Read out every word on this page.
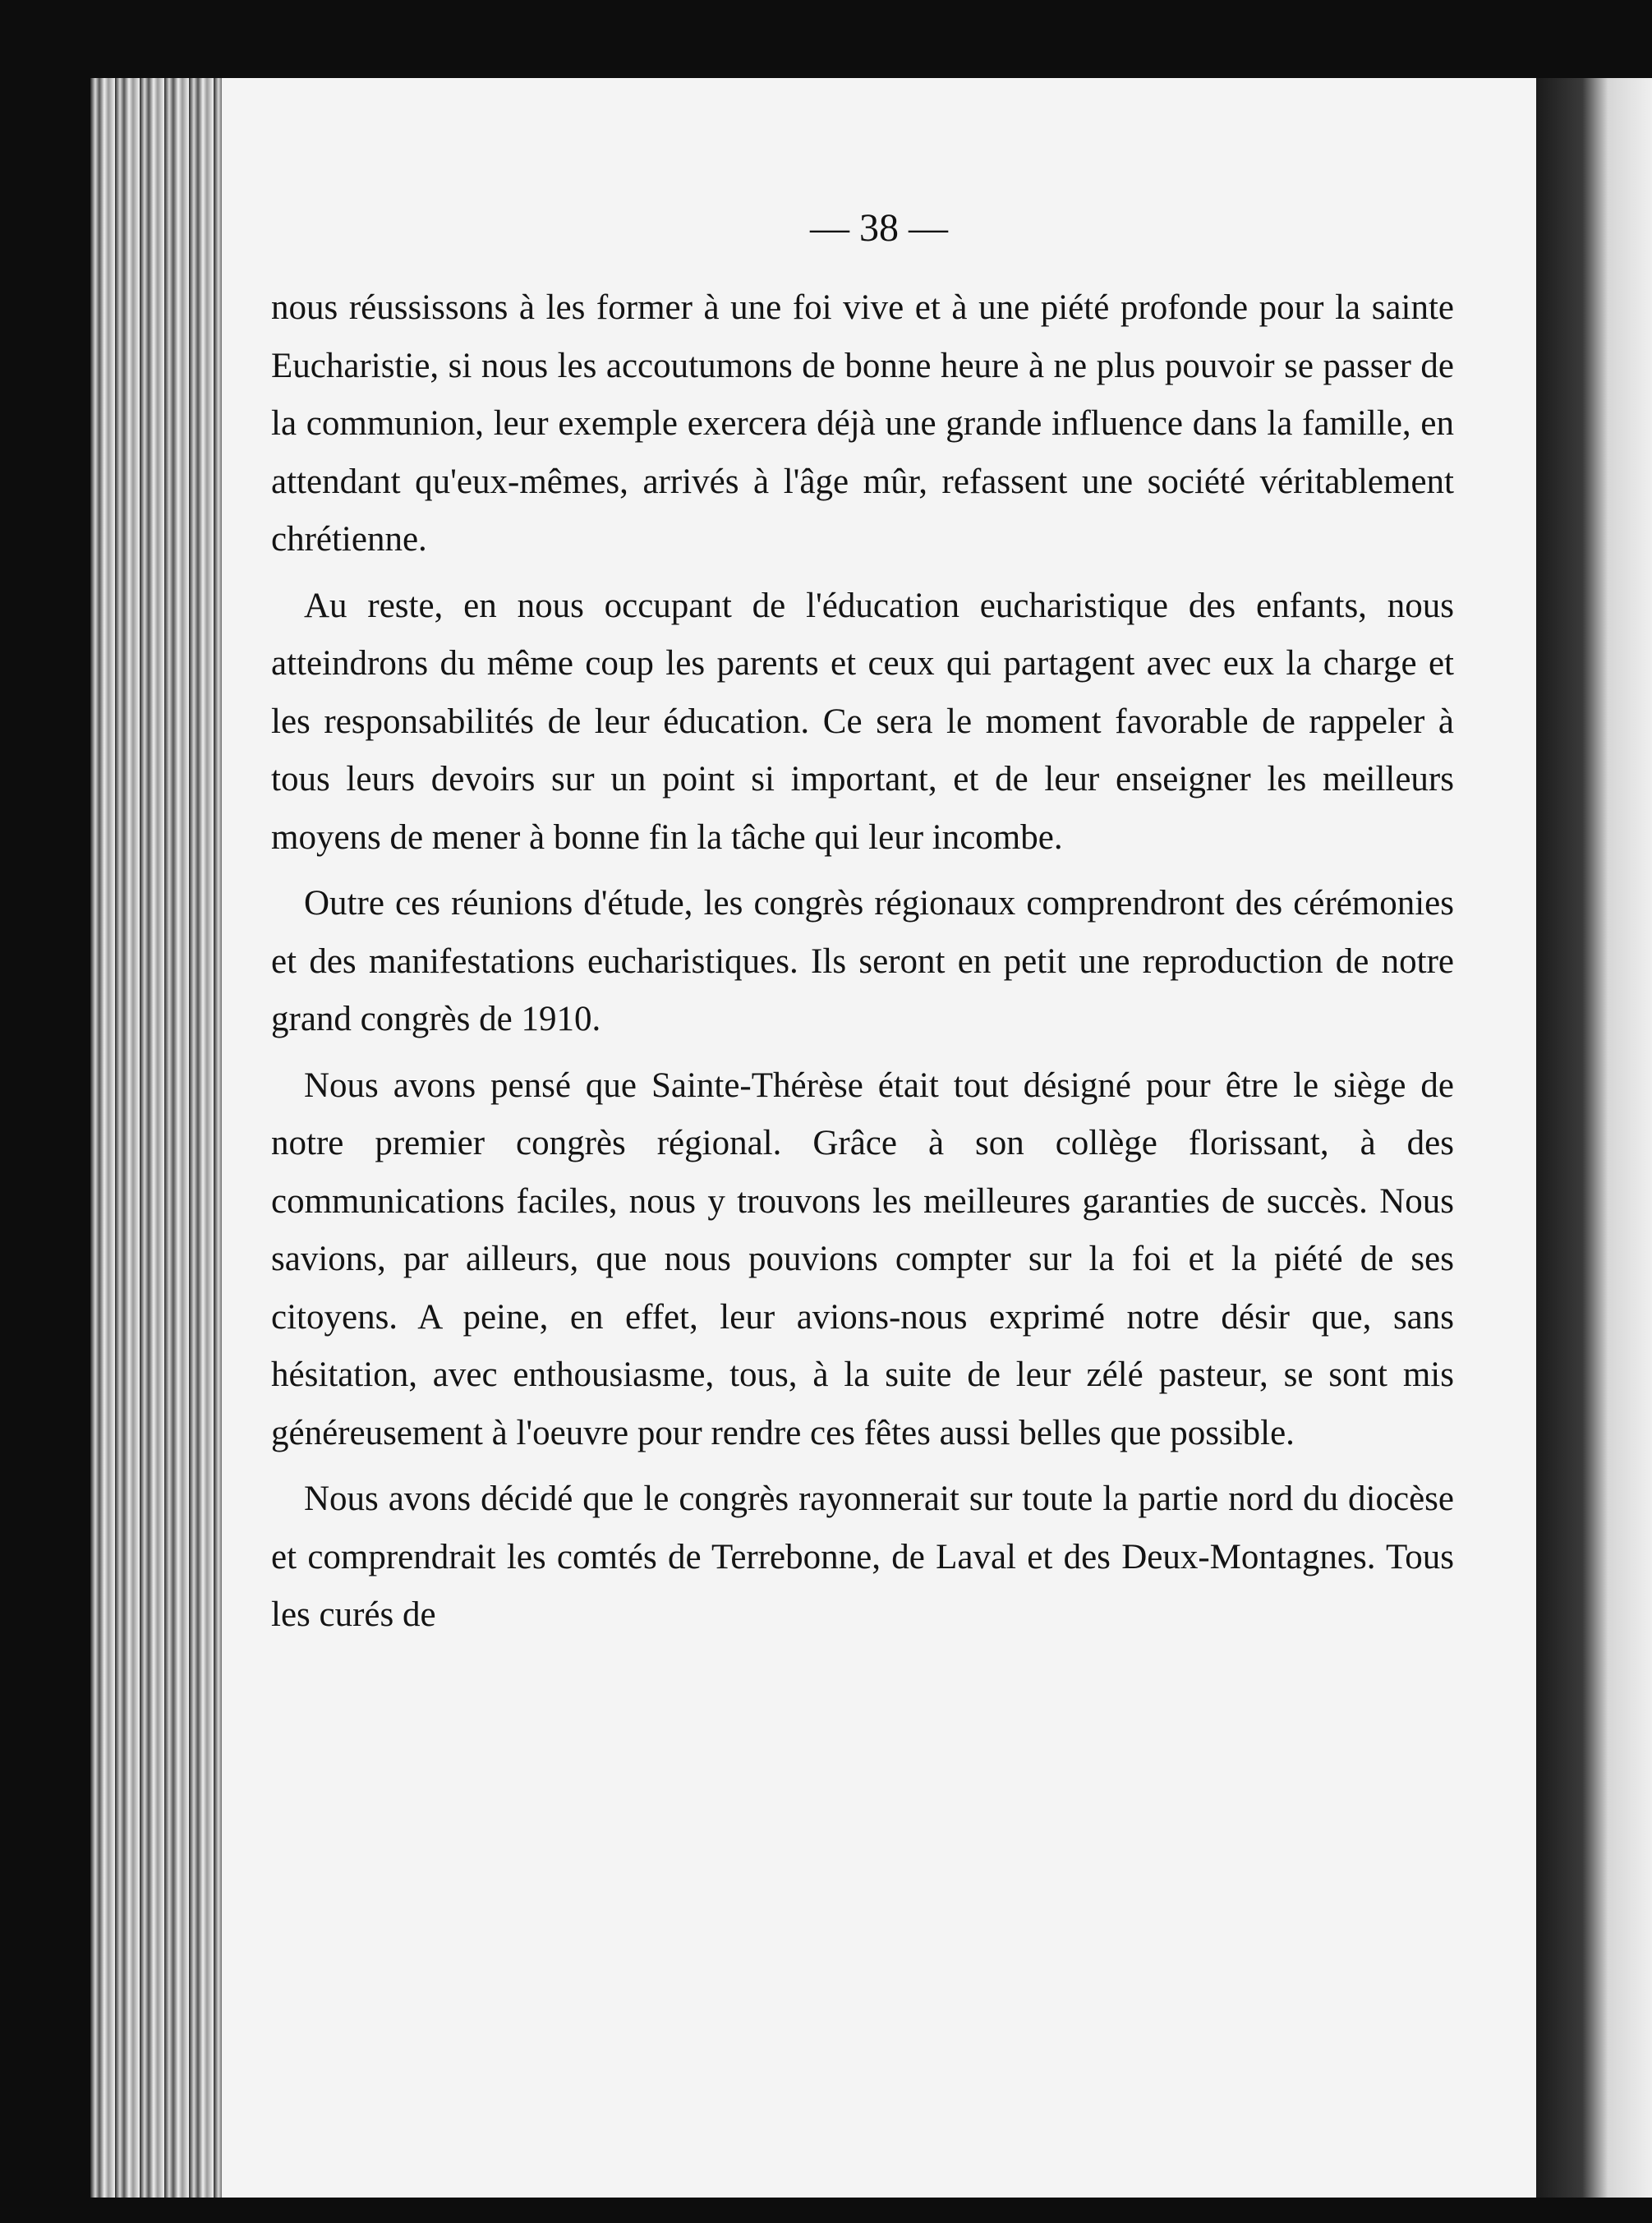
— 38 —

nous réussissons à les former à une foi vive et à une piété profonde pour la sainte Eucharistie, si nous les accoutumons de bonne heure à ne plus pouvoir se passer de la communion, leur exemple exercera déjà une grande influence dans la famille, en attendant qu'eux-mêmes, arrivés à l'âge mûr, refassent une société véritablement chrétienne.

Au reste, en nous occupant de l'éducation eucharistique des enfants, nous atteindrons du même coup les parents et ceux qui partagent avec eux la charge et les responsabilités de leur éducation. Ce sera le moment favorable de rappeler à tous leurs devoirs sur un point si important, et de leur enseigner les meilleurs moyens de mener à bonne fin la tâche qui leur incombe.

Outre ces réunions d'étude, les congrès régionaux comprendront des cérémonies et des manifestations eucharistiques. Ils seront en petit une reproduction de notre grand congrès de 1910.

Nous avons pensé que Sainte-Thérèse était tout désigné pour être le siège de notre premier congrès régional. Grâce à son collège florissant, à des communications faciles, nous y trouvons les meilleures garanties de succès. Nous savions, par ailleurs, que nous pouvions compter sur la foi et la piété de ses citoyens. A peine, en effet, leur avions-nous exprimé notre désir que, sans hésitation, avec enthousiasme, tous, à la suite de leur zélé pasteur, se sont mis généreusement à l'oeuvre pour rendre ces fêtes aussi belles que possible.

Nous avons décidé que le congrès rayonnerait sur toute la partie nord du diocèse et comprendrait les comtés de Terrebonne, de Laval et des Deux-Montagnes. Tous les curés de
